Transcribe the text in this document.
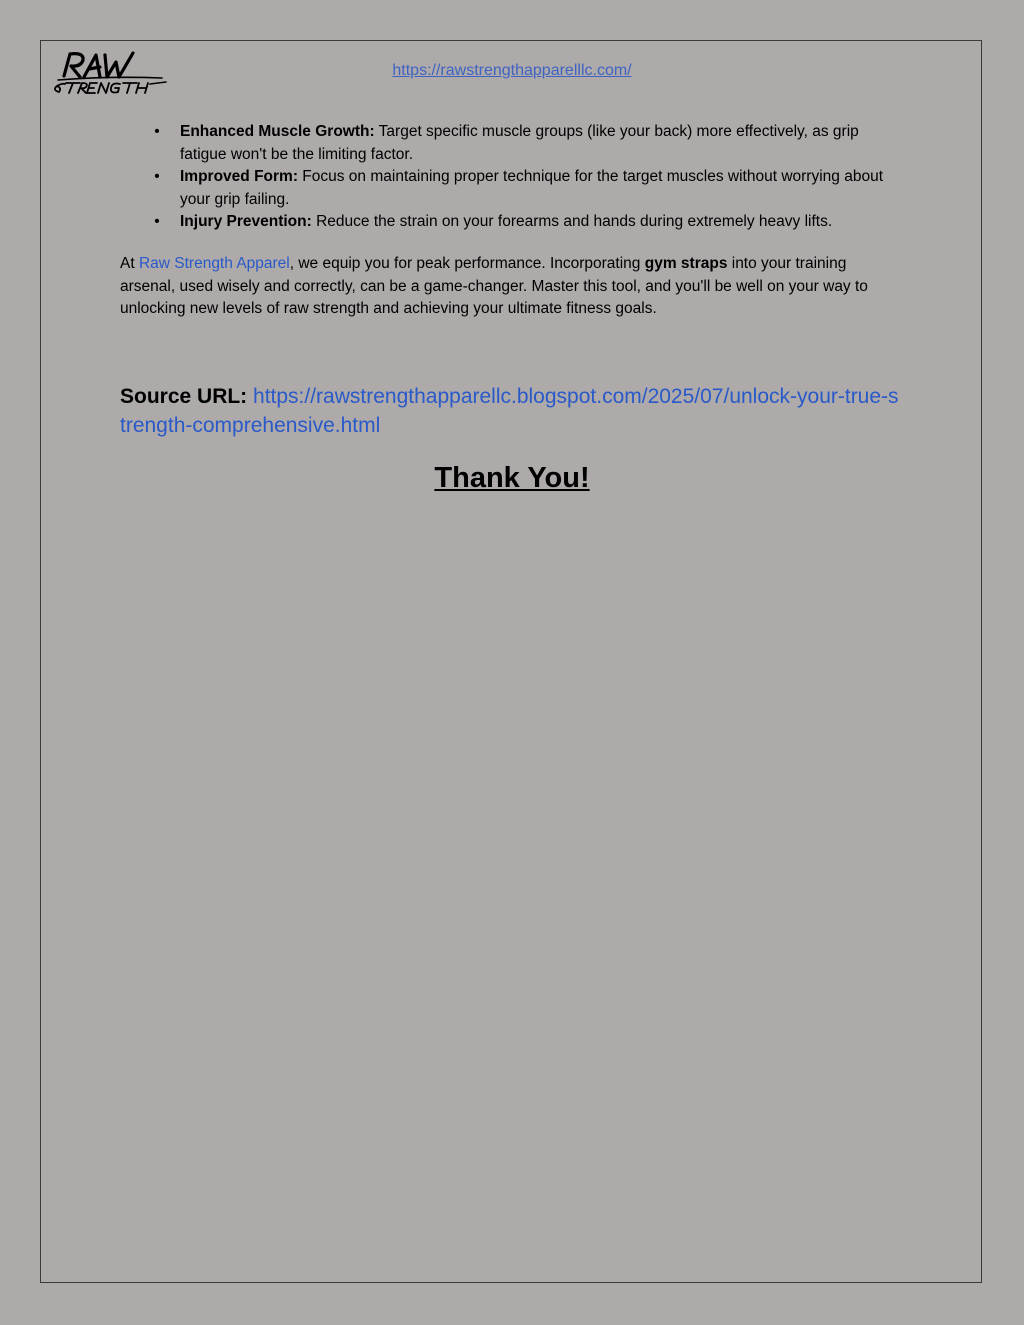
https://rawstrengthapparelllc.com/
• Enhanced Muscle Growth: Target specific muscle groups (like your back) more effectively, as grip fatigue won't be the limiting factor.
• Improved Form: Focus on maintaining proper technique for the target muscles without worrying about your grip failing.
• Injury Prevention: Reduce the strain on your forearms and hands during extremely heavy lifts.

At Raw Strength Apparel, we equip you for peak performance. Incorporating gym straps into your training arsenal, used wisely and correctly, can be a game-changer. Master this tool, and you'll be well on your way to unlocking new levels of raw strength and achieving your ultimate fitness goals.

Source URL: https://rawstrengthapparellc.blogspot.com/2025/07/unlock-your-true-strength-comprehensive.html

Thank You!
